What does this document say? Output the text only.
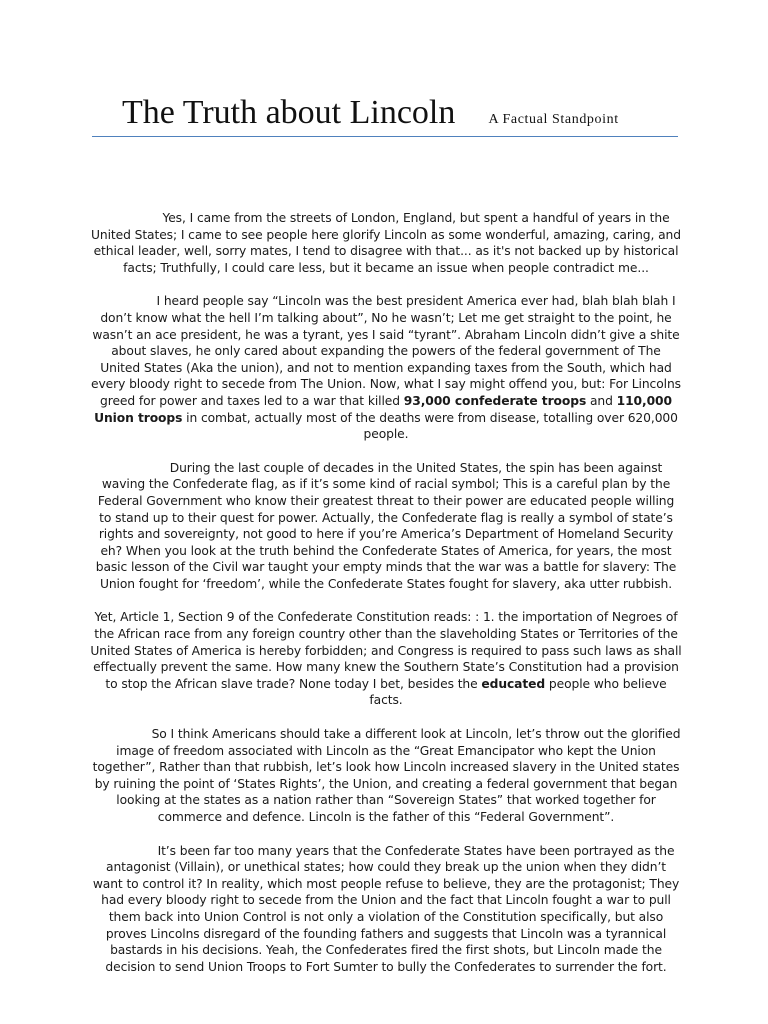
The Truth about Lincoln A Factual Standpoint

Yes, I came from the streets of London, England, but spent a handful of years in the United States; I came to see people here glorify Lincoln as some wonderful, amazing, caring, and ethical leader, well, sorry mates, I tend to disagree with that... as it's not backed up by historical facts; Truthfully, I could care less, but it became an issue when people contradict me...

I heard people say “Lincoln was the best president America ever had, blah blah blah I don’t know what the hell I’m talking about”, No he wasn’t; Let me get straight to the point, he wasn’t an ace president, he was a tyrant, yes I said “tyrant”. Abraham Lincoln didn’t give a shite about slaves, he only cared about expanding the powers of the federal government of The United States (Aka the union), and not to mention expanding taxes from the South, which had every bloody right to secede from The Union. Now, what I say might offend you, but: For Lincolns greed for power and taxes led to a war that killed 93,000 confederate troops and 110,000 Union troops in combat, actually most of the deaths were from disease, totalling over 620,000 people.

During the last couple of decades in the United States, the spin has been against waving the Confederate flag, as if it’s some kind of racial symbol; This is a careful plan by the Federal Government who know their greatest threat to their power are educated people willing to stand up to their quest for power. Actually, the Confederate flag is really a symbol of state’s rights and sovereignty, not good to here if you’re America’s Department of Homeland Security eh? When you look at the truth behind the Confederate States of America, for years, the most basic lesson of the Civil war taught your empty minds that the war was a battle for slavery: The Union fought for ‘freedom’, while the Confederate States fought for slavery, aka utter rubbish.

Yet, Article 1, Section 9 of the Confederate Constitution reads: : 1. the importation of Negroes of the African race from any foreign country other than the slaveholding States or Territories of the United States of America is hereby forbidden; and Congress is required to pass such laws as shall effectually prevent the same. How many knew the Southern State’s Constitution had a provision to stop the African slave trade? None today I bet, besides the educated people who believe facts.

So I think Americans should take a different look at Lincoln, let’s throw out the glorified image of freedom associated with Lincoln as the “Great Emancipator who kept the Union together”, Rather than that rubbish, let’s look how Lincoln increased slavery in the United states by ruining the point of ‘States Rights’, the Union, and creating a federal government that began looking at the states as a nation rather than “Sovereign States” that worked together for commerce and defence. Lincoln is the father of this “Federal Government”.

It’s been far too many years that the Confederate States have been portrayed as the antagonist (Villain), or unethical states; how could they break up the union when they didn’t want to control it? In reality, which most people refuse to believe, they are the protagonist; They had every bloody right to secede from the Union and the fact that Lincoln fought a war to pull them back into Union Control is not only a violation of the Constitution specifically, but also proves Lincolns disregard of the founding fathers and suggests that Lincoln was a tyrannical bastards in his decisions. Yeah, the Confederates fired the first shots, but Lincoln made the decision to send Union Troops to Fort Sumter to bully the Confederates to surrender the fort.
